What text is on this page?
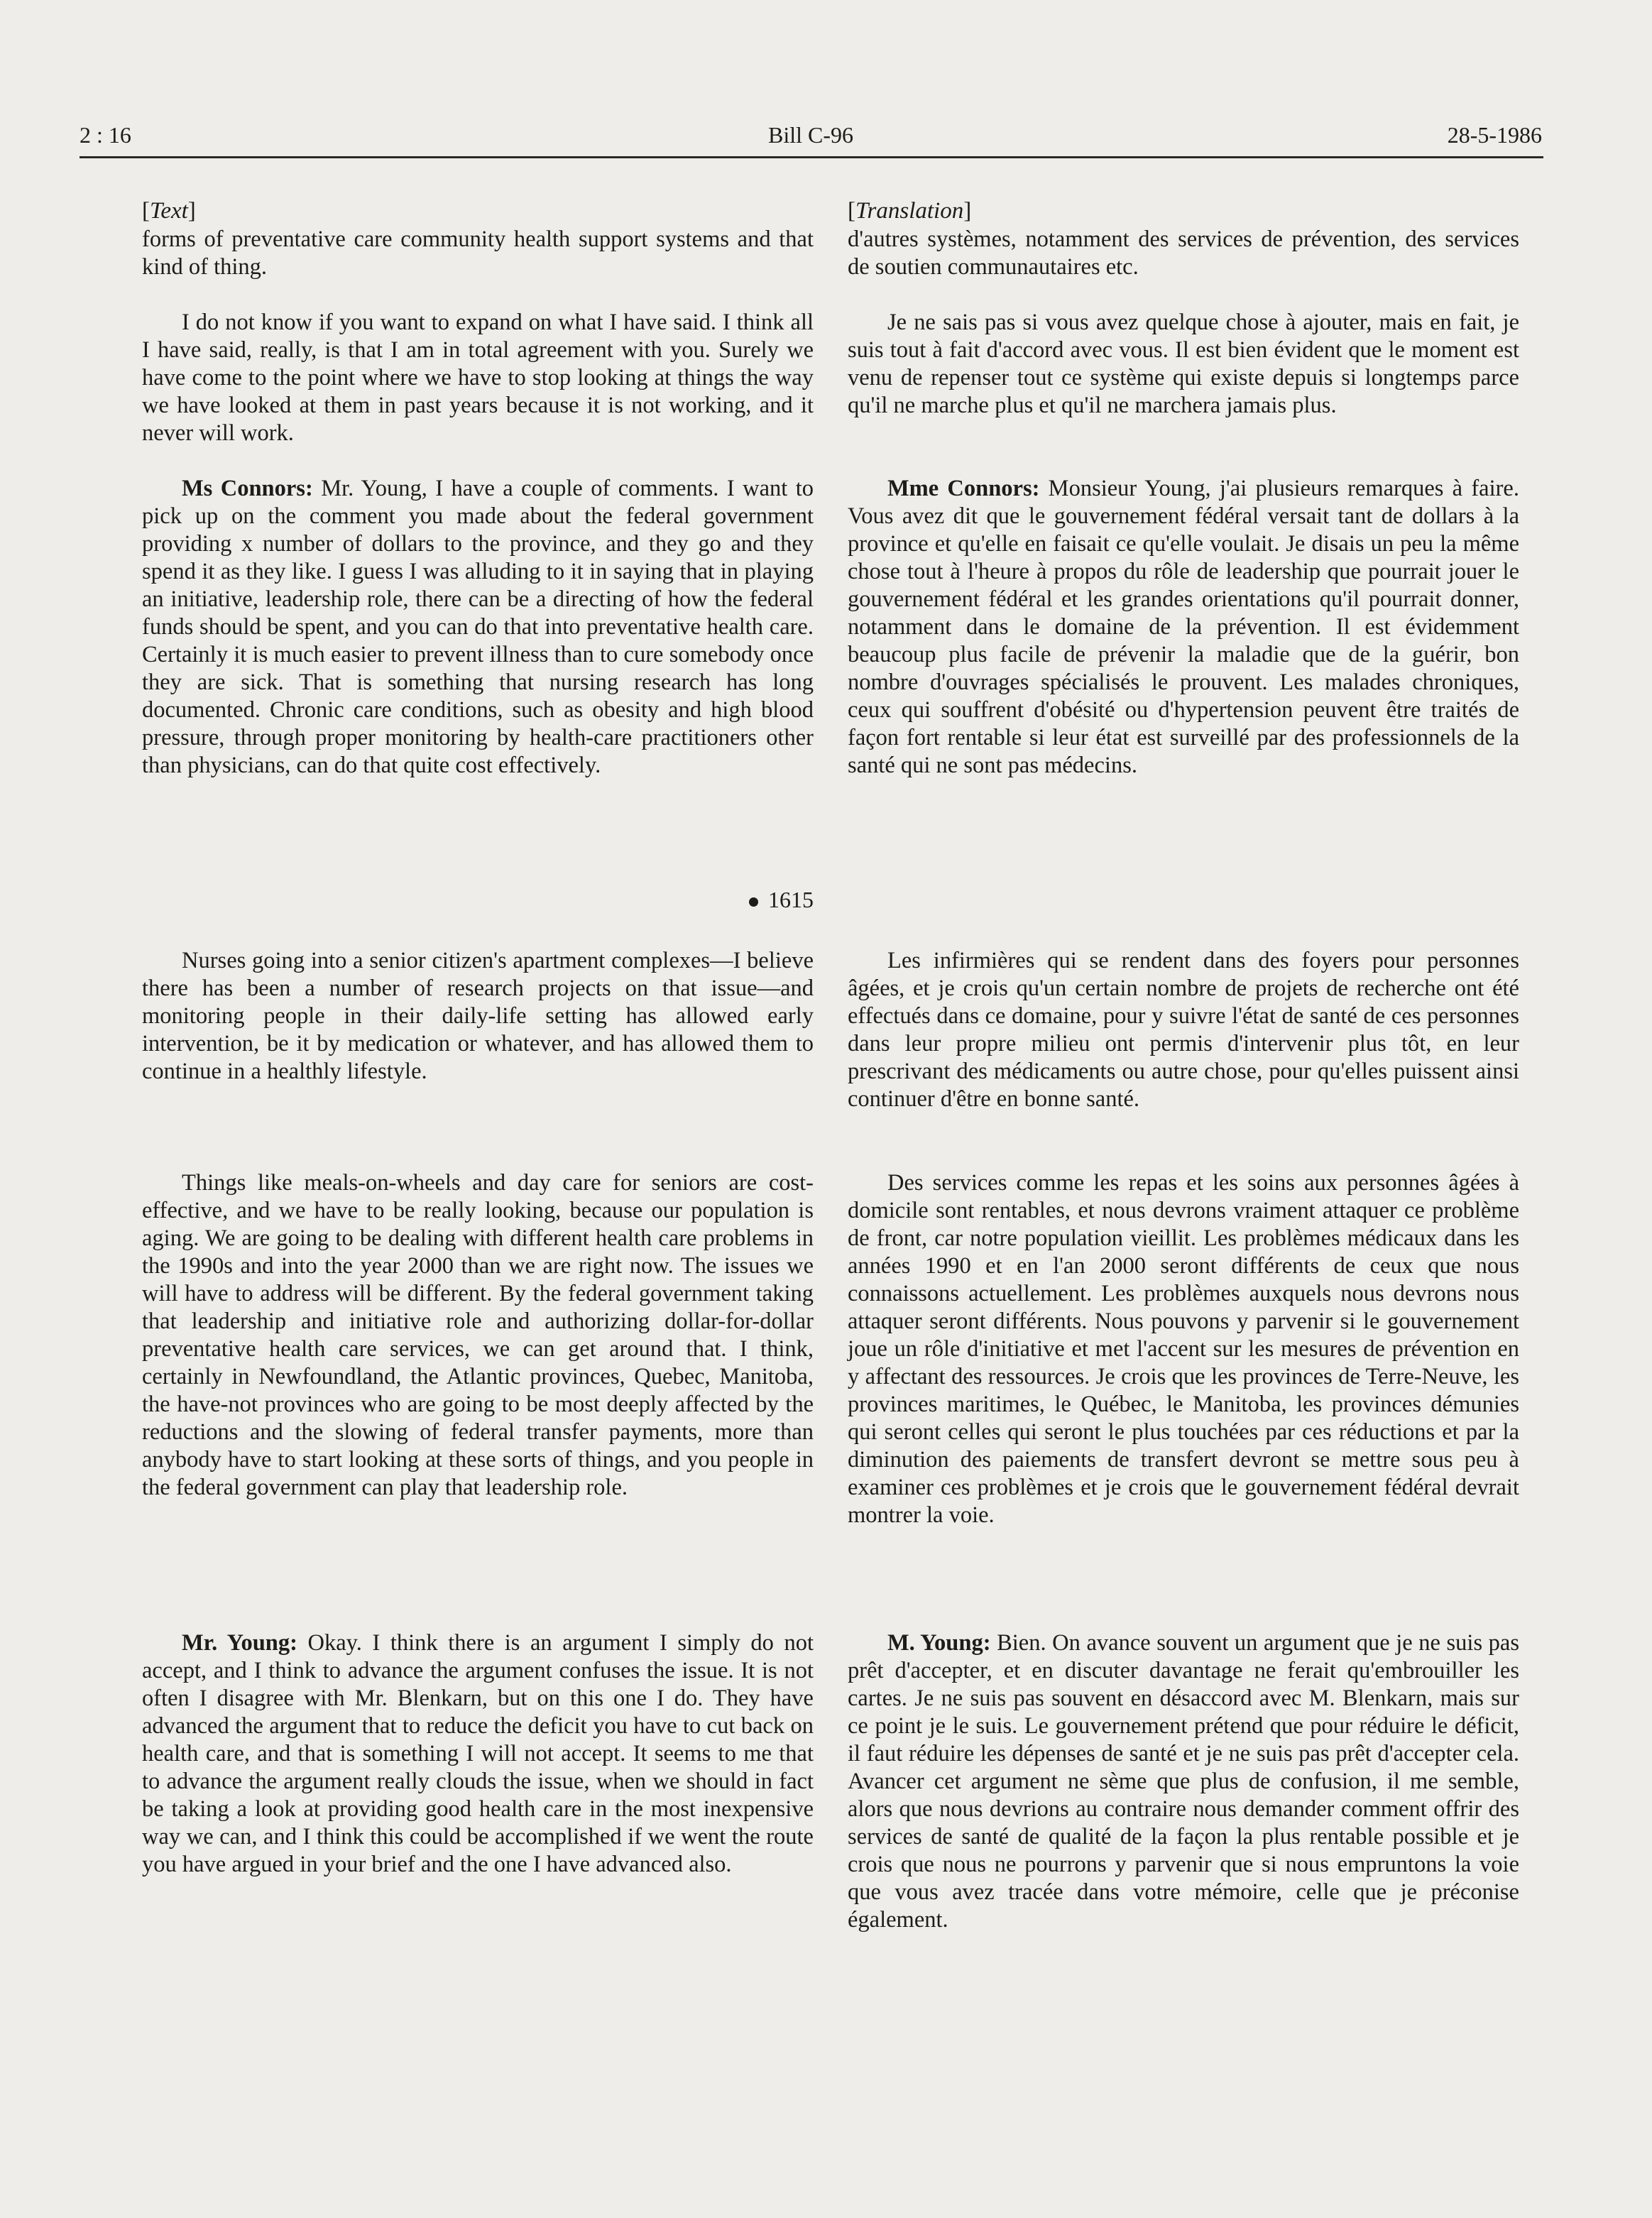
2 : 16	Bill C-96	28-5-1986
[Text]

forms of preventative care community health support systems and that kind of thing.

I do not know if you want to expand on what I have said. I think all I have said, really, is that I am in total agreement with you. Surely we have come to the point where we have to stop looking at things the way we have looked at them in past years because it is not working, and it never will work.

Ms Connors: Mr. Young, I have a couple of comments. I want to pick up on the comment you made about the federal government providing x number of dollars to the province, and they go and they spend it as they like. I guess I was alluding to it in saying that in playing an initiative, leadership role, there can be a directing of how the federal funds should be spent, and you can do that into preventative health care. Certainly it is much easier to prevent illness than to cure somebody once they are sick. That is something that nursing research has long documented. Chronic care conditions, such as obesity and high blood pressure, through proper monitoring by health-care practitioners other than physicians, can do that quite cost effectively.

1615

Nurses going into a senior citizen's apartment complexes—I believe there has been a number of research projects on that issue—and monitoring people in their daily-life setting has allowed early intervention, be it by medication or whatever, and has allowed them to continue in a healthly lifestyle.

Things like meals-on-wheels and day care for seniors are cost-effective, and we have to be really looking, because our population is aging. We are going to be dealing with different health care problems in the 1990s and into the year 2000 than we are right now. The issues we will have to address will be different. By the federal government taking that leadership and initiative role and authorizing dollar-for-dollar preventative health care services, we can get around that. I think, certainly in Newfoundland, the Atlantic provinces, Quebec, Manitoba, the have-not provinces who are going to be most deeply affected by the reductions and the slowing of federal transfer payments, more than anybody have to start looking at these sorts of things, and you people in the federal government can play that leadership role.

Mr. Young: Okay. I think there is an argument I simply do not accept, and I think to advance the argument confuses the issue. It is not often I disagree with Mr. Blenkarn, but on this one I do. They have advanced the argument that to reduce the deficit you have to cut back on health care, and that is something I will not accept. It seems to me that to advance the argument really clouds the issue, when we should in fact be taking a look at providing good health care in the most inexpensive way we can, and I think this could be accomplished if we went the route you have argued in your brief and the one I have advanced also.

[Translation]

d'autres systèmes, notamment des services de prévention, des services de soutien communautaires etc.

Je ne sais pas si vous avez quelque chose à ajouter, mais en fait, je suis tout à fait d'accord avec vous. Il est bien évident que le moment est venu de repenser tout ce système qui existe depuis si longtemps parce qu'il ne marche plus et qu'il ne marchera jamais plus.

Mme Connors: Monsieur Young, j'ai plusieurs remarques à faire. Vous avez dit que le gouvernement fédéral versait tant de dollars à la province et qu'elle en faisait ce qu'elle voulait. Je disais un peu la même chose tout à l'heure à propos du rôle de leadership que pourrait jouer le gouvernement fédéral et les grandes orientations qu'il pourrait donner, notamment dans le domaine de la prévention. Il est évidemment beaucoup plus facile de prévenir la maladie que de la guérir, bon nombre d'ouvrages spécialisés le prouvent. Les malades chroniques, ceux qui souffrent d'obésité ou d'hypertension peuvent être traités de façon fort rentable si leur état est surveillé par des professionnels de la santé qui ne sont pas médecins.

Les infirmières qui se rendent dans des foyers pour personnes âgées, et je crois qu'un certain nombre de projets de recherche ont été effectués dans ce domaine, pour y suivre l'état de santé de ces personnes dans leur propre milieu ont permis d'intervenir plus tôt, en leur prescrivant des médicaments ou autre chose, pour qu'elles puissent ainsi continuer d'être en bonne santé.

Des services comme les repas et les soins aux personnes âgées à domicile sont rentables, et nous devrons vraiment attaquer ce problème de front, car notre population vieillit. Les problèmes médicaux dans les années 1990 et en l'an 2000 seront différents de ceux que nous connaissons actuellement. Les problèmes auxquels nous devrons nous attaquer seront différents. Nous pouvons y parvenir si le gouvernement joue un rôle d'initiative et met l'accent sur les mesures de prévention en y affectant des ressources. Je crois que les provinces de Terre-Neuve, les provinces maritimes, le Québec, le Manitoba, les provinces démunies qui seront celles qui seront le plus touchées par ces réductions et par la diminution des paiements de transfert devront se mettre sous peu à examiner ces problèmes et je crois que le gouvernement fédéral devrait montrer la voie.

M. Young: Bien. On avance souvent un argument que je ne suis pas prêt d'accepter, et en discuter davantage ne ferait qu'embrouiller les cartes. Je ne suis pas souvent en désaccord avec M. Blenkarn, mais sur ce point je le suis. Le gouvernement prétend que pour réduire le déficit, il faut réduire les dépenses de santé et je ne suis pas prêt d'accepter cela. Avancer cet argument ne sème que plus de confusion, il me semble, alors que nous devrions au contraire nous demander comment offrir des services de santé de qualité de la façon la plus rentable possible et je crois que nous ne pourrons y parvenir que si nous empruntons la voie que vous avez tracée dans votre mémoire, celle que je préconise également.
